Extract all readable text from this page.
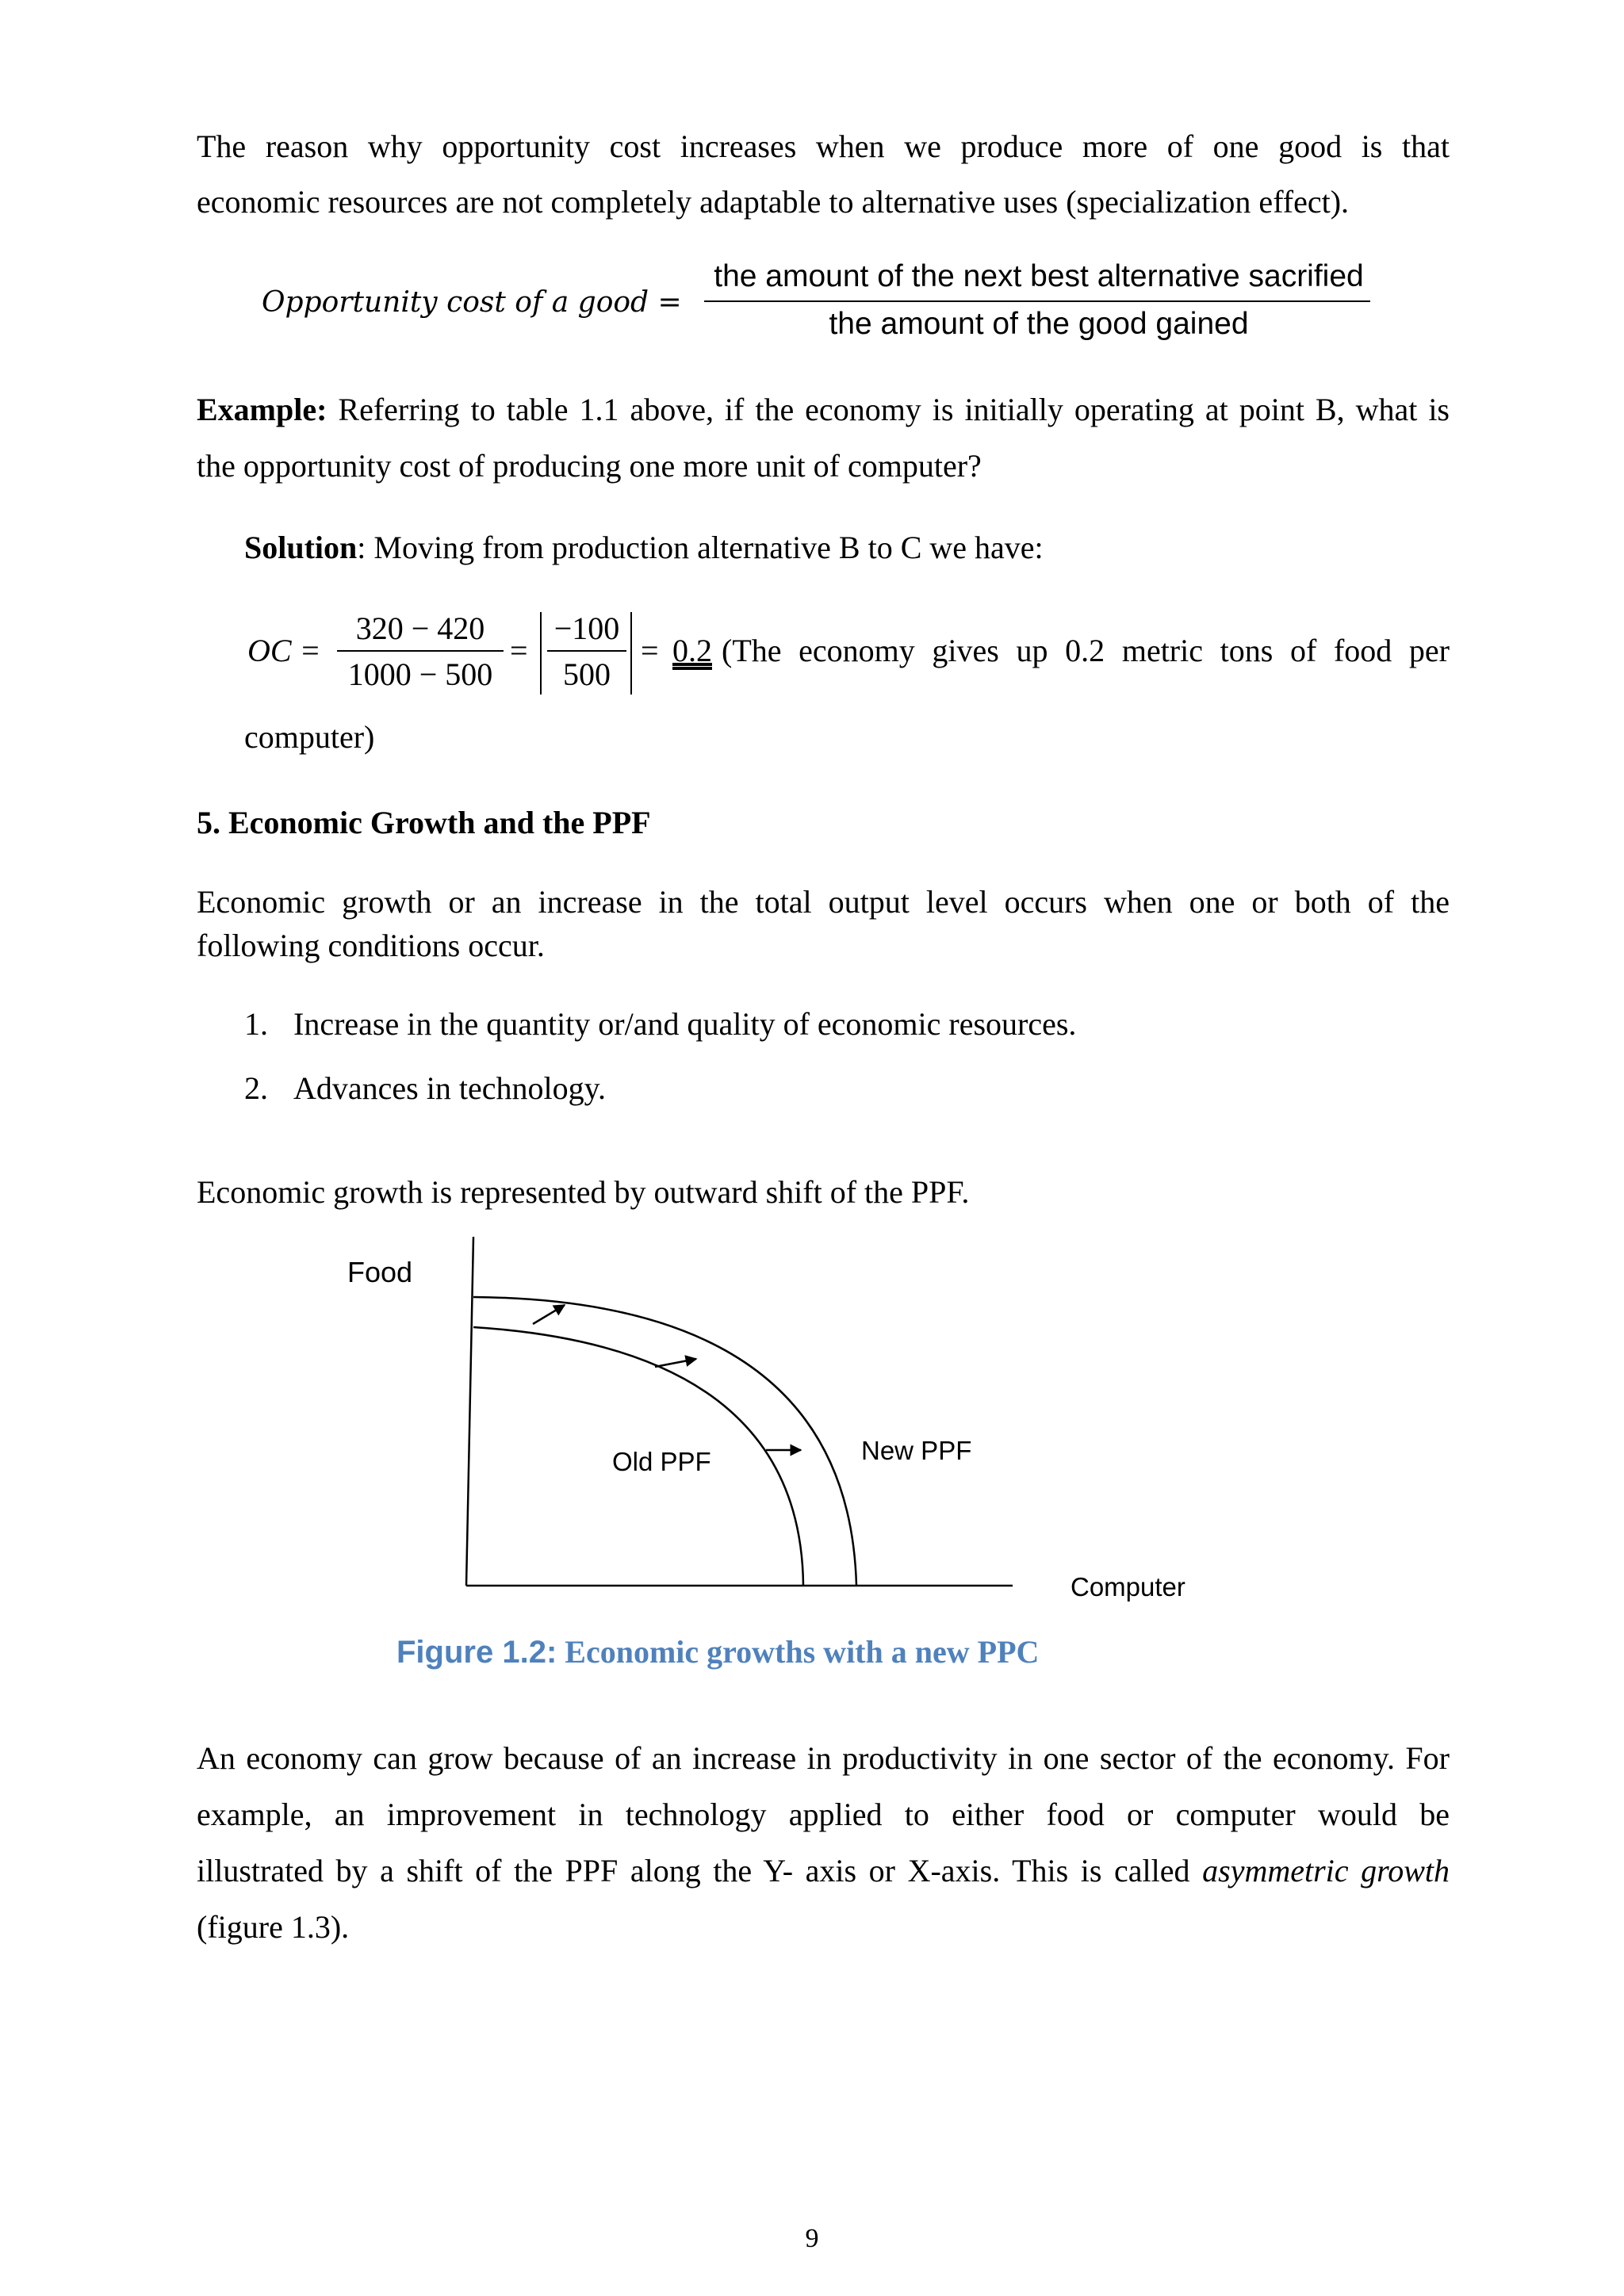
The reason why opportunity cost increases when we produce more of one good is that
economic resources are not completely adaptable to alternative uses (specialization effect).
Opportunity cost of a good =
the amount of the next best alternative sacrified
the amount of the good gained
Example: Referring to table 1.1 above, if the economy is initially operating at point B, what is
the opportunity cost of producing one more unit of computer?
Solution: Moving from production alternative B to C we have:
OC =
320 − 420
1000 − 500
=
−100
500
= 0.2 (The economy gives up 0.2 metric tons of food per
computer)
5. Economic Growth and the PPF
Economic growth or an increase in the total output level occurs when one or both of the
following conditions occur.
1. Increase in the quantity or/and quality of economic resources.
2. Advances in technology.
Economic growth is represented by outward shift of the PPF.
Food
Old PPF	New PPF
Computer
Figure 1.2: Economic growths with a new PPC
An economy can grow because of an increase in productivity in one sector of the economy. For
example, an improvement in technology applied to either food or computer would be
illustrated by a shift of the PPF along the Y- axis or X-axis. This is called asymmetric growth
(figure 1.3).
9
